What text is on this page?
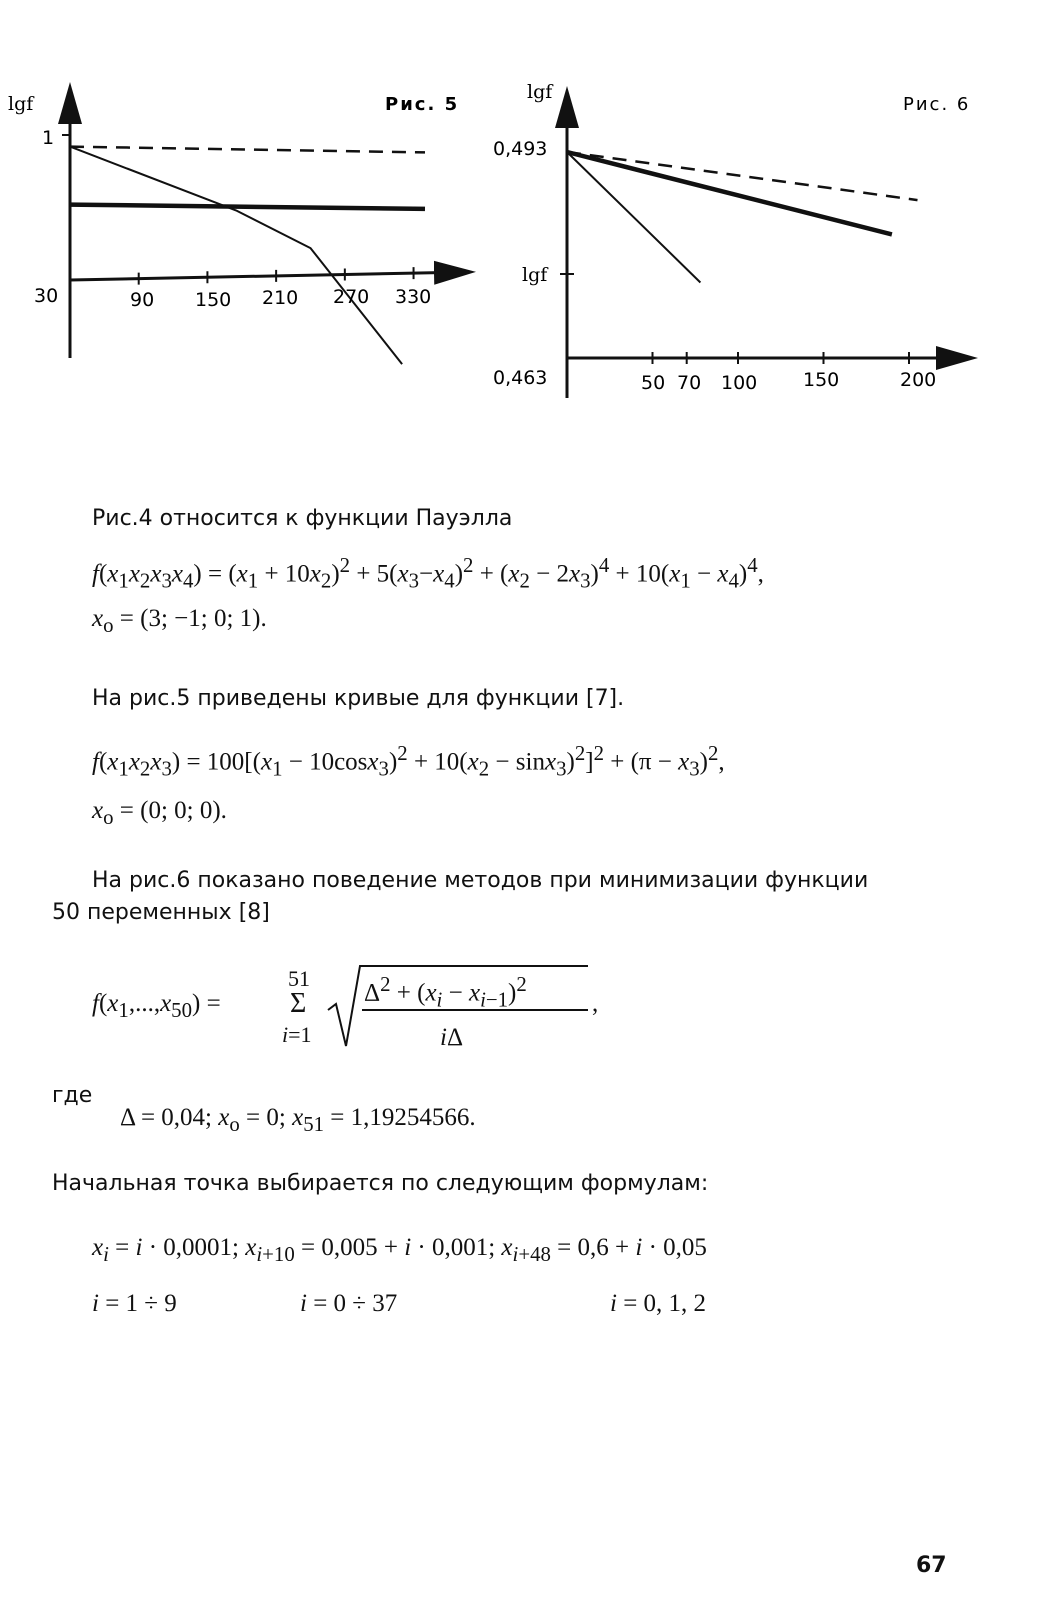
lgf
1
30
Рис. 5
90 150 210 270 330
lgf
lgf
0,493
0,463
Рис. 6
50 70 100 150	200
Рис.4 относится к функции Пауэлла
$f(x_1x_2x_3x_4) = (x_1 + 10x_2)^2 + 5(x_3-x_4)^2 + (x_2 - 2x_3)^4 + 10(x_1 - x_4)^4$,
$x_o = (3$; −1; 0; 1).
На рис.5 приведены кривые для функции [7].
$f(x_1x_2x_3) = 100[(x_1 - 10\cos x_3)^2 + 10(x_2 - \sin x_3)^2]^2 + (\pi - x_3)^2$,
$x_o = (0$; 0; 0).
На рис.6 показано поведение методов при минимизации функции
50 переменных [8]
$f(x_1,...,x_{50})$ =
51
Σ
i=1
$\Delta^2 + (x_i - x_{i-1})^2$
iΔ
,
где
Δ = 0,04; $x_o = 0$; $x_{51} = 1,19254566$.
Начальная точка выбирается по следующим формулам:
$x_i = i \cdot 0,0001$; $x_{i+10} = 0,005 + i \cdot 0,001$; $x_{i+48} = 0,6 + i \cdot 0,05$
i = 1 ÷ 9	i = 0 ÷ 37	i = 0, 1, 2
67
